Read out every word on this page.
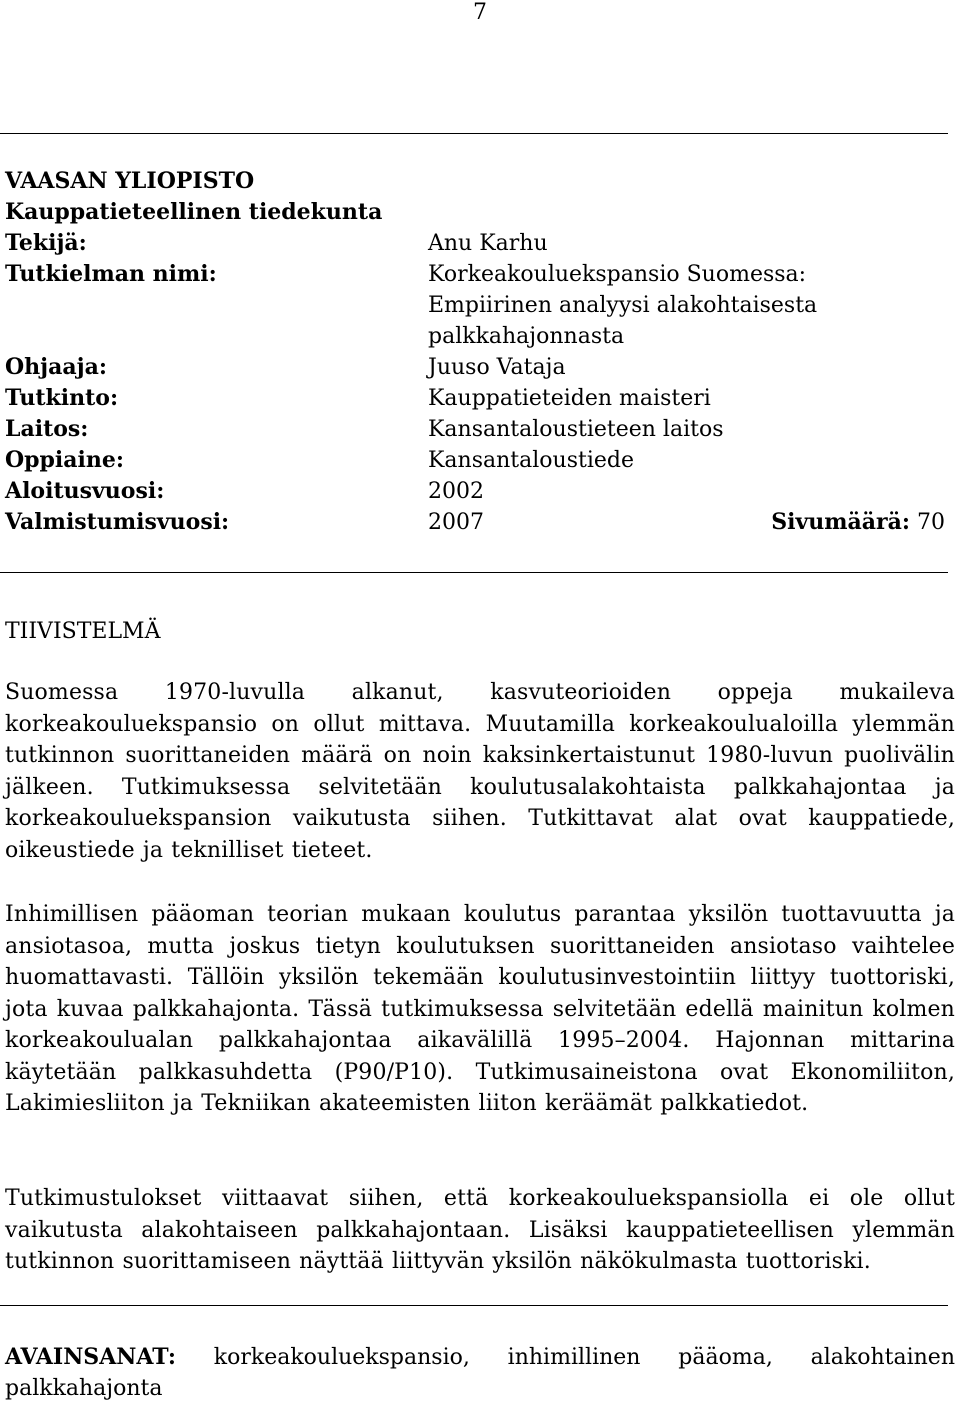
7
VAASAN YLIOPISTO
Kauppatieteellinen tiedekunta
Tekijä:	Anu Karhu
Tutkielman nimi:	Korkeakouluekspansio Suomessa:
Empiirinen analyysi alakohtaisesta
palkkahajonnasta
Ohjaaja:	Juuso Vataja
Tutkinto:	Kauppatieteiden maisteri
Laitos:	Kansantaloustieteen laitos
Oppiaine:	Kansantaloustiede
Aloitusvuosi:	2002
Valmistumisvuosi:	2007	Sivumäärä: 70
TIIVISTELMÄ
Suomessa 1970-luvulla alkanut, kasvuteorioiden oppeja mukaileva korkeakouluekspansio on ollut mittava. Muutamilla korkeakoulualoilla ylemmän tutkinnon suorittaneiden määrä on noin kaksinkertaistunut 1980-luvun puolivälin jälkeen. Tutkimuksessa selvitetään koulutusalakohtaista palkkahajontaa ja korkeakouluekspansion vaikutusta siihen. Tutkittavat alat ovat kauppatiede, oikeustiede ja teknilliset tieteet.
Inhimillisen pääoman teorian mukaan koulutus parantaa yksilön tuottavuutta ja ansiotasoa, mutta joskus tietyn koulutuksen suorittaneiden ansiotaso vaihtelee huomattavasti. Tällöin yksilön tekemään koulutusinvestointiin liittyy tuottoriski, jota kuvaa palkkahajonta. Tässä tutkimuksessa selvitetään edellä mainitun kolmen korkeakoulualan palkkahajontaa aikavälillä 1995–2004. Hajonnan mittarina käytetään palkkasuhdetta (P90/P10). Tutkimusaineistona ovat Ekonomiliiton, Lakimiesliiton ja Tekniikan akateemisten liiton keräämät palkkatiedot.
Tutkimustulokset viittaavat siihen, että korkeakouluekspansiolla ei ole ollut vaikutusta alakohtaiseen palkkahajontaan. Lisäksi kauppatieteellisen ylemmän tutkinnon suorittamiseen näyttää liittyvän yksilön näkökulmasta tuottoriski.
AVAINSANAT: korkeakouluekspansio, inhimillinen pääoma, alakohtainen palkkahajonta
